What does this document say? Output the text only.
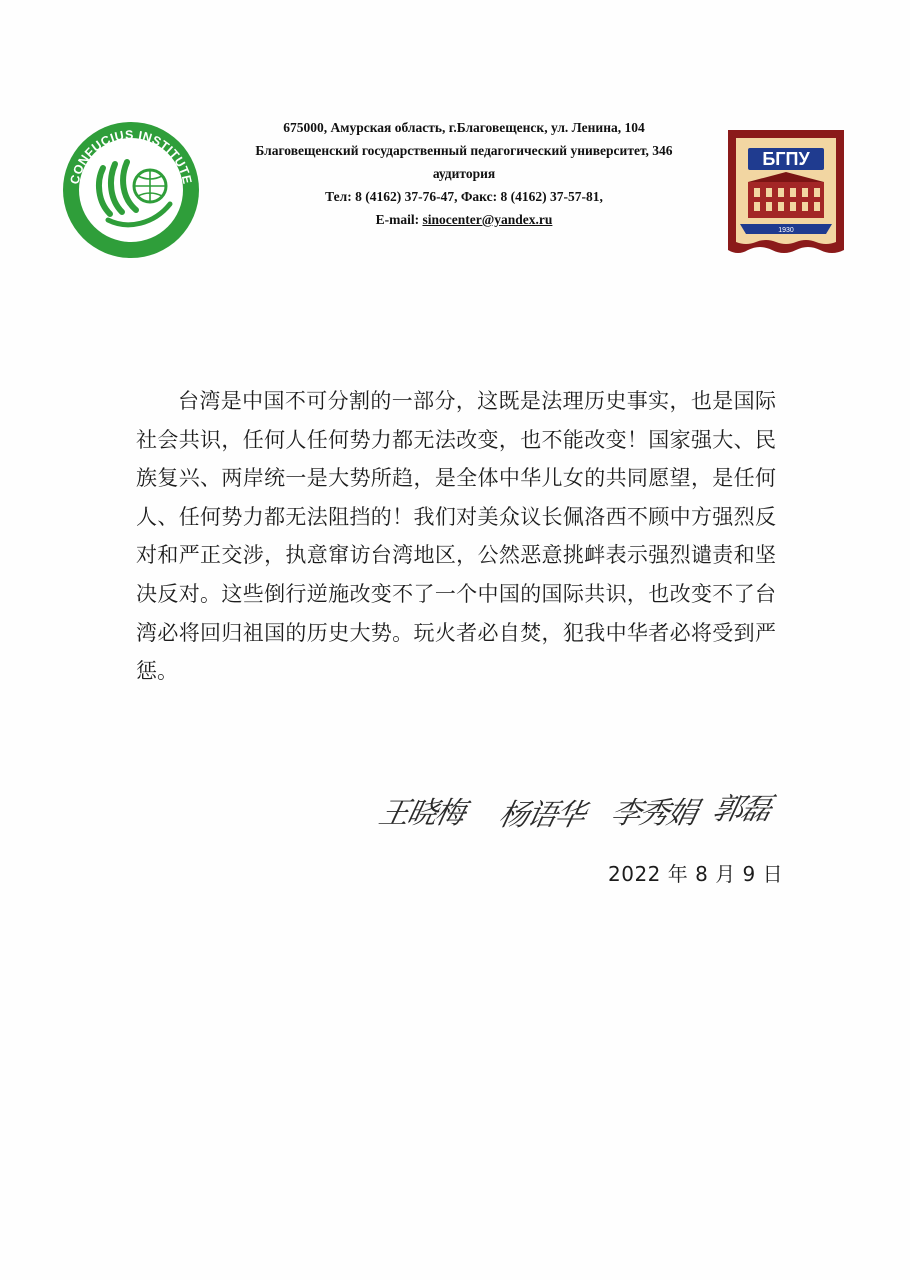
CONFUCIUS INSTITUTE
孔 子 学 院
675000, Амурская область, г.Благовещенск, ул. Ленина, 104
Благовещенский государственный педагогический университет, 346
аудитория
Тел: 8 (4162) 37-76-47, Факс: 8 (4162) 37-57-81,
E-mail: sinocenter@yandex.ru
БГПУ
1930
台湾是中国不可分割的一部分，这既是法理历史事实，也是国际社会共识，任何人任何势力都无法改变，也不能改变！国家强大、民族复兴、两岸统一是大势所趋，是全体中华儿女的共同愿望，是任何人、任何势力都无法阻挡的！我们对美众议长佩洛西不顾中方强烈反对和严正交涉，执意窜访台湾地区，公然恶意挑衅表示强烈谴责和坚决反对。这些倒行逆施改变不了一个中国的国际共识，也改变不了台湾必将回归祖国的历史大势。玩火者必自焚，犯我中华者必将受到严惩。
王晓梅 杨语华 李秀娟 郭磊
2022 年 8 月 9 日
